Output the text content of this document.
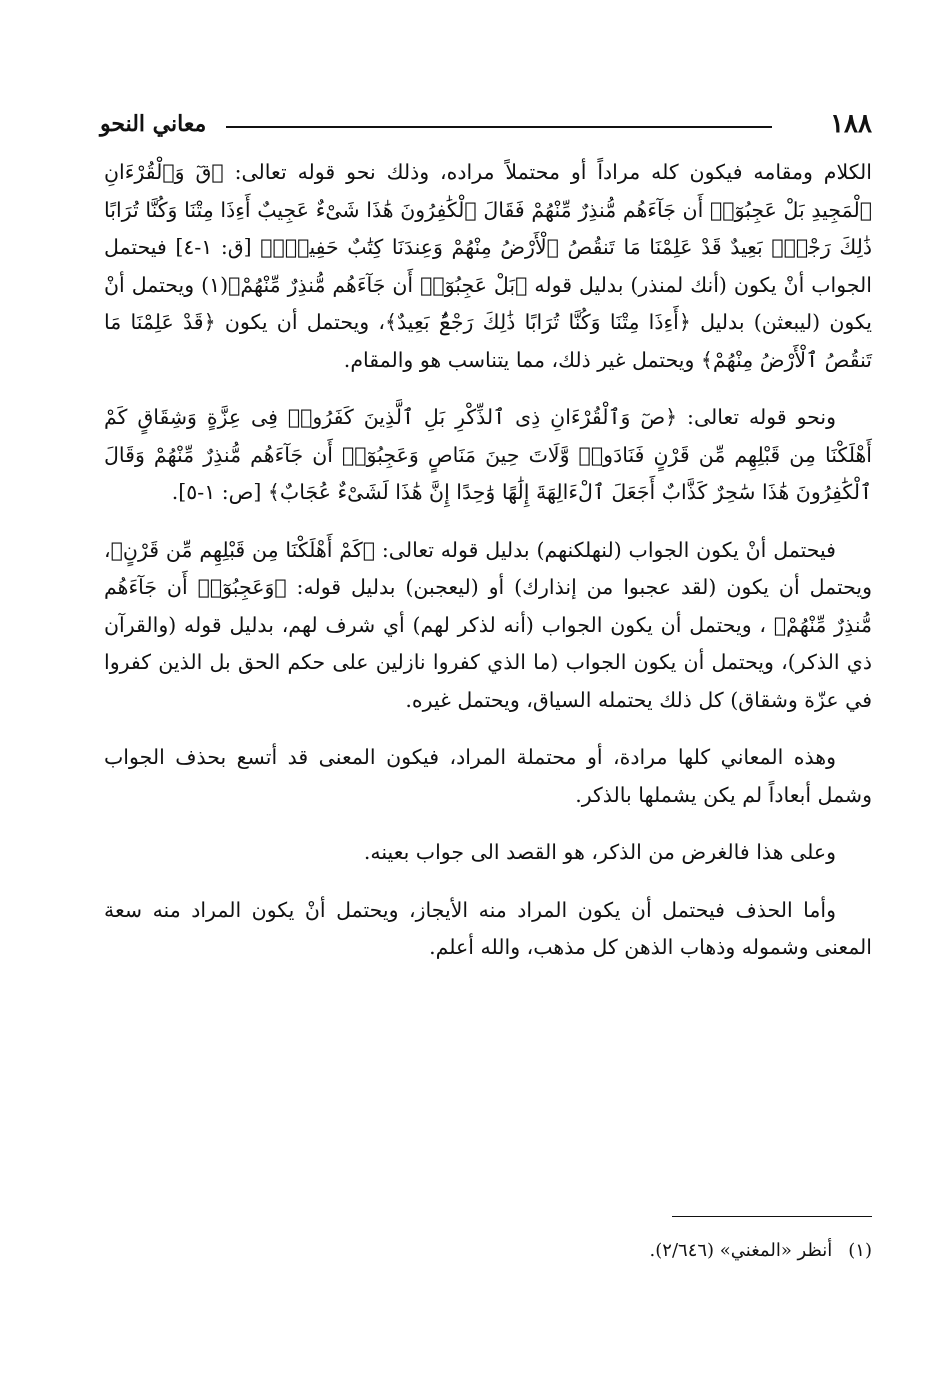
١٨٨
معاني النحو

الكلام ومقامه فيكون كله مراداً أو محتملاً مراده، وذلك نحو قوله تعالى: ﴿قٓ وَٱلْقُرْءَانِ ٱلْمَجِيدِ بَلْ عَجِبُوٓا۟ أَن جَآءَهُم مُّنذِرٌ مِّنْهُمْ فَقَالَ ٱلْكَٰفِرُونَ هَٰذَا شَىْءٌ عَجِيبٌ أَءِذَا مِتْنَا وَكُنَّا تُرَابًا ذَٰلِكَ رَجْعٌۢ بَعِيدٌ قَدْ عَلِمْنَا مَا تَنقُصُ ٱلْأَرْضُ مِنْهُمْ وَعِندَنَا كِتَٰبٌ حَفِيظٌۢ﴾ [ق: ١-٤] فيحتمل الجواب أنْ يكون (أنك لمنذر) بدليل قوله ﴿بَلْ عَجِبُوٓا۟ أَن جَآءَهُم مُّنذِرٌ مِّنْهُمْ﴾(١) ويحتمل أنْ يكون (ليبعثن) بدليل ﴿أَءِذَا مِتْنَا وَكُنَّا تُرَابًا ذَٰلِكَ رَجْعٌۢ بَعِيدٌ﴾، ويحتمل أن يكون ﴿قَدْ عَلِمْنَا مَا تَنقُصُ ٱلْأَرْضُ مِنْهُمْ﴾ ويحتمل غير ذلك، مما يتناسب هو والمقام.

ونحو قوله تعالى: ﴿صٓ وَٱلْقُرْءَانِ ذِى ٱلذِّكْرِ بَلِ ٱلَّذِينَ كَفَرُوا۟ فِى عِزَّةٍ وَشِقَاقٍ كَمْ أَهْلَكْنَا مِن قَبْلِهِم مِّن قَرْنٍ فَنَادَوا۟ وَّلَاتَ حِينَ مَنَاصٍ وَعَجِبُوٓا۟ أَن جَآءَهُم مُّنذِرٌ مِّنْهُمْ وَقَالَ ٱلْكَٰفِرُونَ هَٰذَا سَٰحِرٌ كَذَّابٌ أَجَعَلَ ٱلْءَالِهَةَ إِلَٰهًا وَٰحِدًا إِنَّ هَٰذَا لَشَىْءٌ عُجَابٌ﴾ [ص: ١-٥].

فيحتمل أنْ يكون الجواب (لنهلكنهم) بدليل قوله تعالى: ﴿كَمْ أَهْلَكْنَا مِن قَبْلِهِم مِّن قَرْنٍ﴾، ويحتمل أن يكون (لقد عجبوا من إنذارك) أو (ليعجبن) بدليل قوله: ﴿وَعَجِبُوٓا۟ أَن جَآءَهُم مُّنذِرٌ مِّنْهُمْ﴾ ، ويحتمل أن يكون الجواب (أنه لذكر لهم) أي شرف لهم، بدليل قوله (والقرآن ذي الذكر)، ويحتمل أن يكون الجواب (ما الذي كفروا نازلين على حكم الحق بل الذين كفروا في عزّة وشقاق) كل ذلك يحتمله السياق، ويحتمل غيره.

وهذه المعاني كلها مرادة، أو محتملة المراد، فيكون المعنى قد أتسع بحذف الجواب وشمل أبعاداً لم يكن يشملها بالذكر.

وعلى هذا فالغرض من الذكر، هو القصد الى جواب بعينه.

وأما الحذف فيحتمل أن يكون المراد منه الأيجاز، ويحتمل أنْ يكون المراد منه سعة المعنى وشموله وذهاب الذهن كل مذهب، والله أعلم.

(١)أنظر «المغني» (٢/٦٤٦).
